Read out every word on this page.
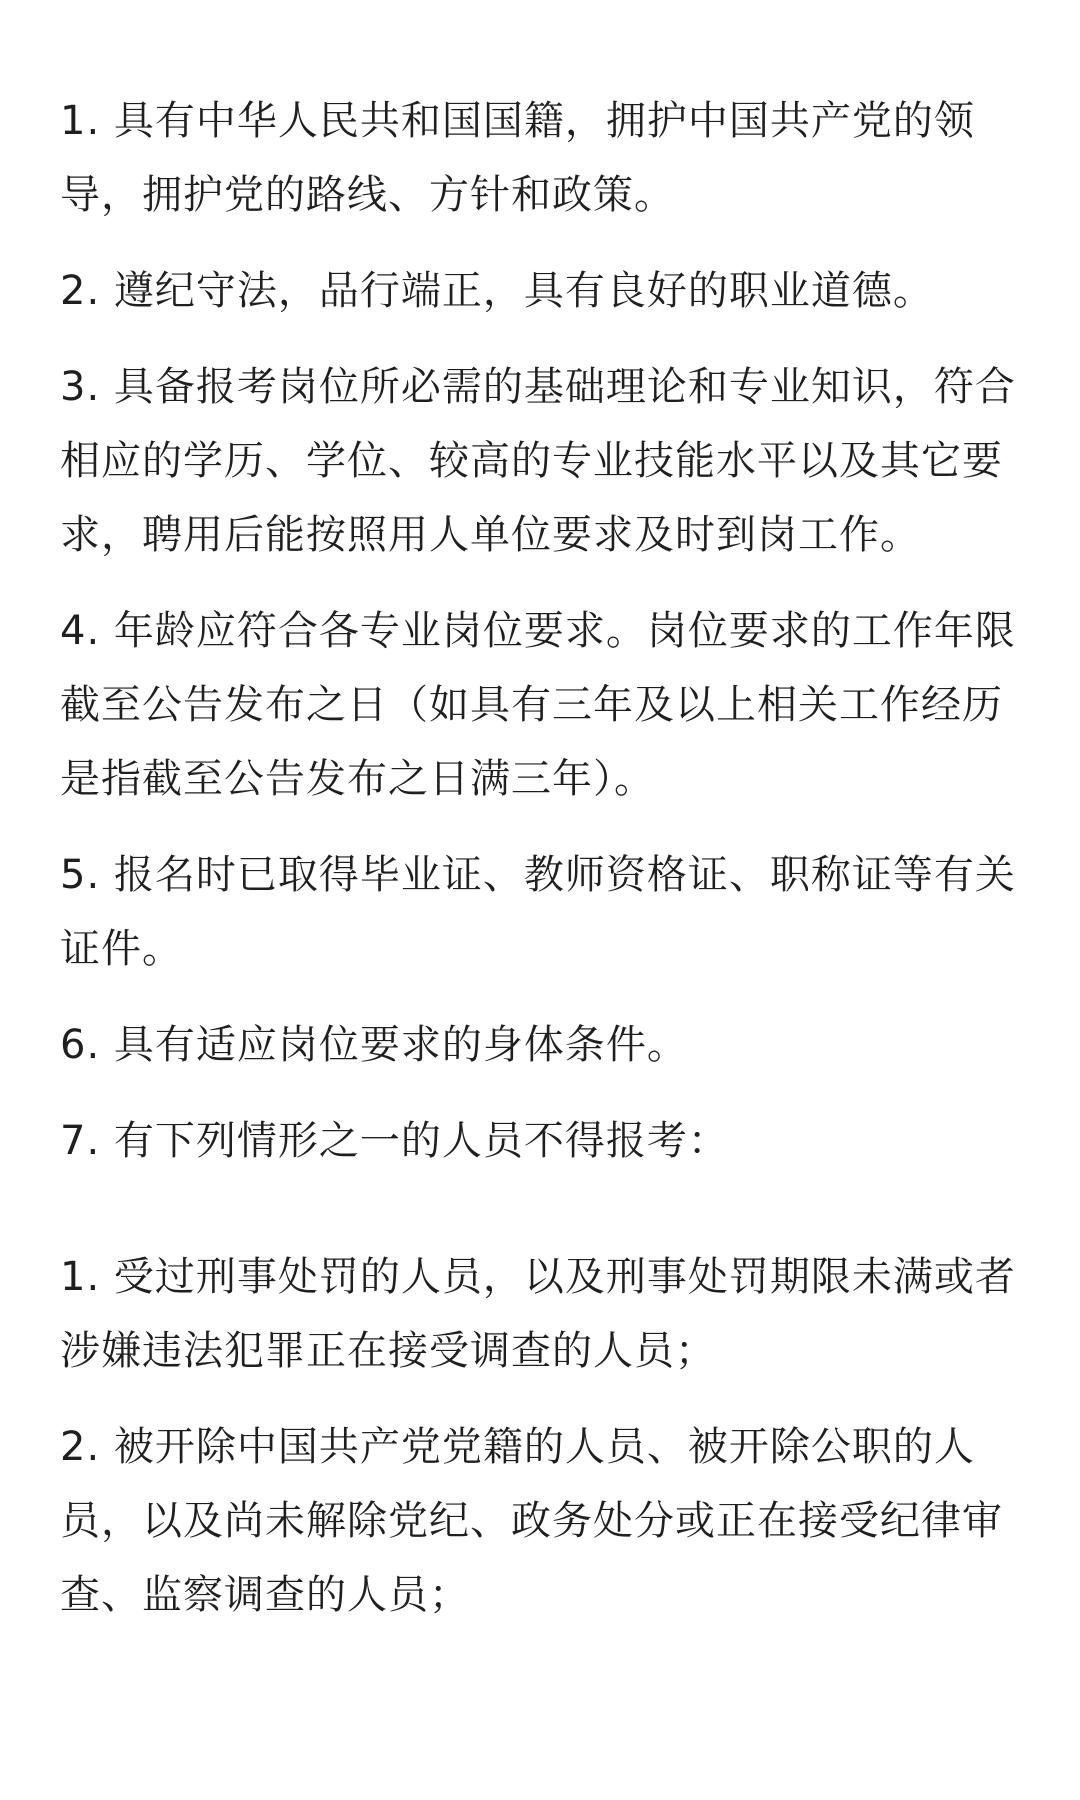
1. 具有中华人民共和国国籍，拥护中国共产党的领导，拥护党的路线、方针和政策。

2. 遵纪守法，品行端正，具有良好的职业道德。

3. 具备报考岗位所必需的基础理论和专业知识，符合相应的学历、学位、较高的专业技能水平以及其它要求，聘用后能按照用人单位要求及时到岗工作。

4. 年龄应符合各专业岗位要求。岗位要求的工作年限截至公告发布之日（如具有三年及以上相关工作经历是指截至公告发布之日满三年）。

5. 报名时已取得毕业证、教师资格证、职称证等有关证件。

6. 具有适应岗位要求的身体条件。

7. 有下列情形之一的人员不得报考：

1. 受过刑事处罚的人员，以及刑事处罚期限未满或者涉嫌违法犯罪正在接受调查的人员；

2. 被开除中国共产党党籍的人员、被开除公职的人员，以及尚未解除党纪、政务处分或正在接受纪律审查、监察调查的人员；
